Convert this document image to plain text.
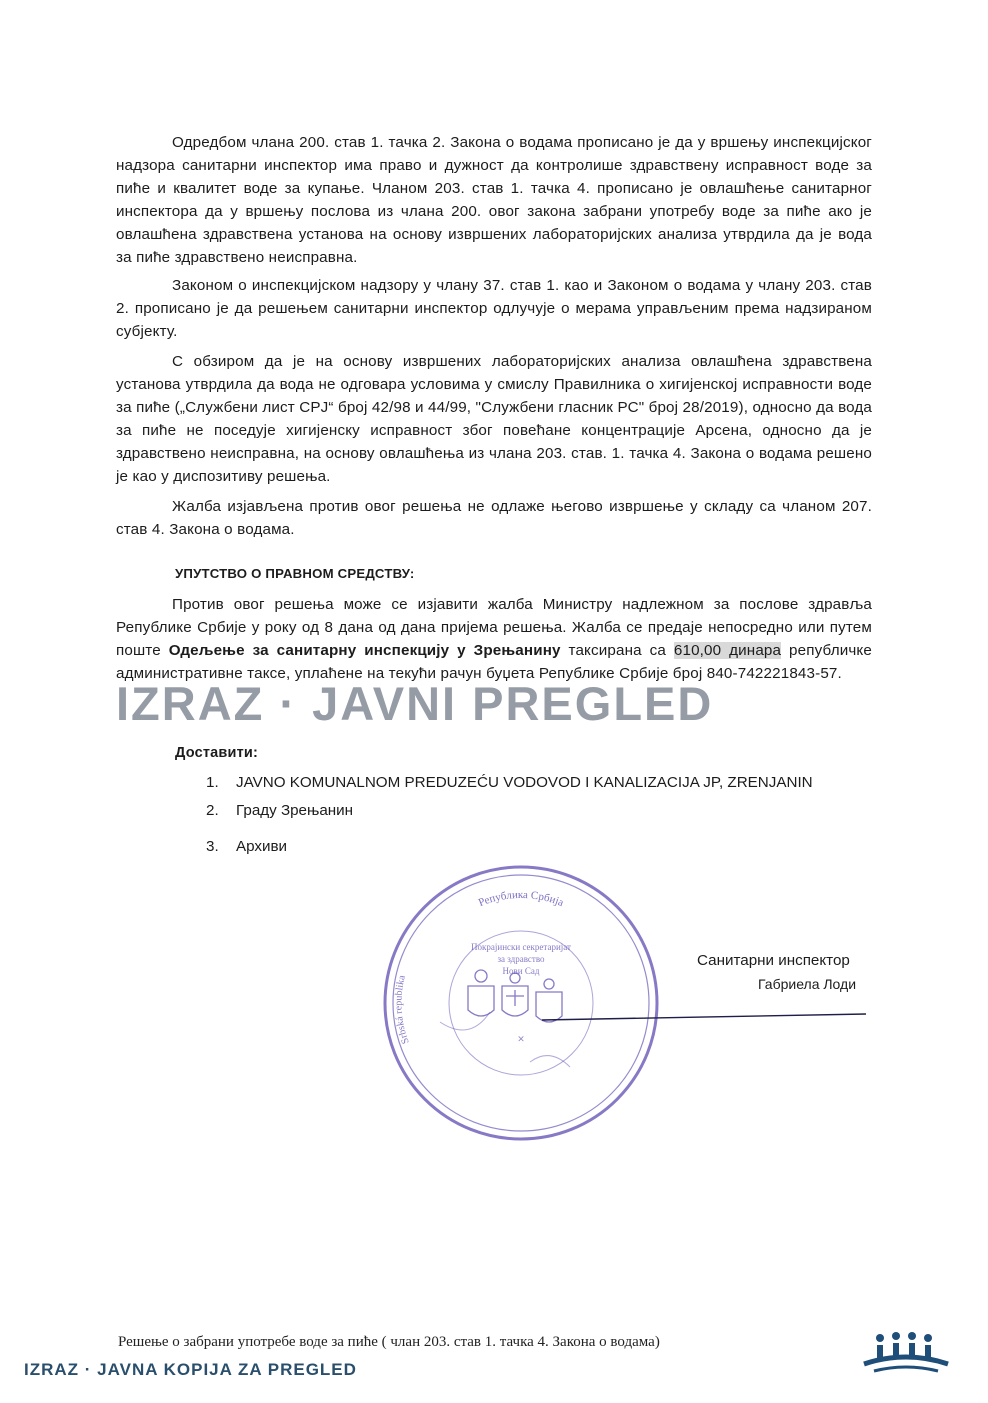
Одредбом члана 200. став 1. тачка 2. Закона о водама прописано је да у вршењу инспекцијског надзора санитарни инспектор има право и дужност да контролише здравствену исправност воде за пиће и квалитет воде за купање. Чланом 203. став 1. тачка 4. прописано је овлашћење санитарног инспектора да у вршењу послова из члана 200. овог закона забрани употребу воде за пиће ако је овлашћена здравствена установа на основу извршених лабораторијских анализа утврдила да је вода за пиће здравствено неисправна.
Законом о инспекцијском надзору у члану 37. став 1. као и Законом о водама у члану 203. став 2. прописано је да решењем санитарни инспектор одлучује о мерама управљеним према надзираном субјекту.
С обзиром да је на основу извршених лабораторијских анализа овлашћена здравствена установа утврдила да вода не одговара условима у смислу Правилника о хигијенској исправности воде за пиће („Службени лист СРЈ“ број 42/98 и 44/99, "Службени гласник РС" број 28/2019), односно да вода за пиће не поседује хигијенску исправност због повећане концентрације Арсена, односно да је здравствено неисправна, на основу овлашћења из члана 203. став. 1. тачка 4. Закона о водама решено је као у диспозитиву решења.
Жалба изјављена против овог решења не одлаже његово извршење у складу са чланом 207. став 4. Закона о водама.
УПУТСТВО О ПРАВНОМ СРЕДСТВУ:
Против овог решења може се изјавити жалба Министру надлежном за послове здравља Републике Србије у року од 8 дана од дана пријема решења. Жалба се предаје непосредно или путем поште Одељење за санитарну инспекцију у Зрењанину таксирана са 610,00 динара републичке административне таксе, уплаћене на текући рачун буџета Републике Србије број 840-742221843-57.
IZRAZ · JAVNI PREGLED
Доставити:
1. JAVNO KOMUNALNOM PREDUZEĆU VODOVOD I KANALIZACIJA JP, ZRENJANIN
2. Граду Зрењанин
3. Архиви
Република Србија
Srbská republika
Покрајински секретаријат
за здравство
Нови Сад
✕
Санитарни инспектор
Габриела Лоди
Решење о забрани употребе воде за пиће ( члан 203. став 1. тачка 4. Закона о водама)
IZRAZ · JAVNA KOPIJA ZA PREGLED
